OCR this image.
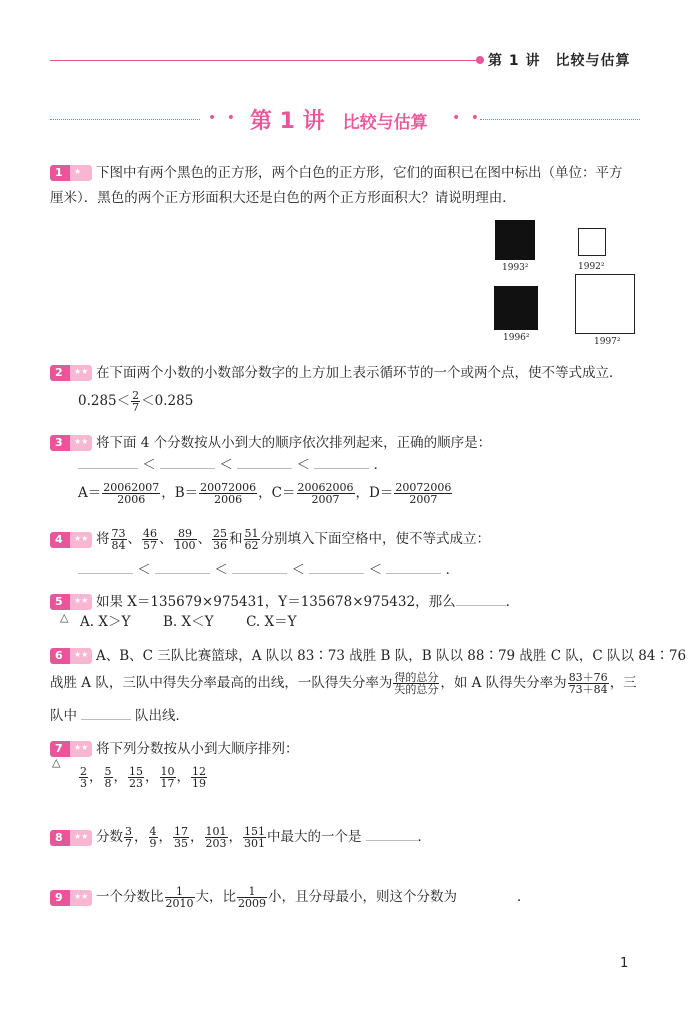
第 1 讲　比较与估算
• • 第 1 讲 比较与估算 • •
1 ★ 下图中有两个黑色的正方形，两个白色的正方形，它们的面积已在图中标出（单位：平方
厘米）．黑色的两个正方形面积大还是白色的两个正方形面积大？请说明理由．
1993²	1992²
1996²	1997²
2 ★★ 在下面两个小数的小数部分数字的上方加上表示循环节的一个或两个点，使不等式成立．
$0.285< \frac{2}{7} <0.285$
3 ★★ 将下面 4 个分数按从小到大的顺序依次排列起来，正确的顺序是：
＜	＜	＜	．
$A= \frac{20062007}{2006}$ ，$B= \frac{20072006}{2006}$ ，$C= \frac{20062006}{2007}$ ，$D= \frac{20072006}{2007}$
4 ★★ 将 $\frac{73}{84}$ 、 $\frac{46}{57}$ 、 $\frac{89}{100}$ 、 $\frac{25}{36}$ 和 $\frac{51}{62}$ 分别填入下面空格中，使不等式成立：
＜	＜	＜	＜	．
5 ★★ 如果 X＝135679×975431，Y＝135678×975432，那么	．
△ A. X＞Y B. X＜Y C. X＝Y
6 ★★ A、B、C 三队比赛篮球，A 队以 83∶73 战胜 B 队，B 队以 88∶79 战胜 C 队，C 队以 84∶76
战胜 A 队，三队中得失分率最高的出线，一队得失分率为 $\frac{\text{得的总分}}{\text{失的总分}}$ ，如 A 队得失分率为 $\frac{83+76}{73+84}$ ，三
队中	队出线．
7 ★★ 将下列分数按从小到大顺序排列：
△
$\frac{2}{3}$ ， $\frac{5}{8}$ ， $\frac{15}{23}$ ， $\frac{10}{17}$ ， $\frac{12}{19}$
8 ★★ 分数 $\frac{3}{7}$ ， $\frac{4}{9}$ ， $\frac{17}{35}$ ， $\frac{101}{203}$ ， $\frac{151}{301}$ 中最大的一个是	．
9 ★★ 一个分数比 $\frac{1}{2010}$ 大，比 $\frac{1}{2009}$ 小，且分母最小，则这个分数为	．
1
